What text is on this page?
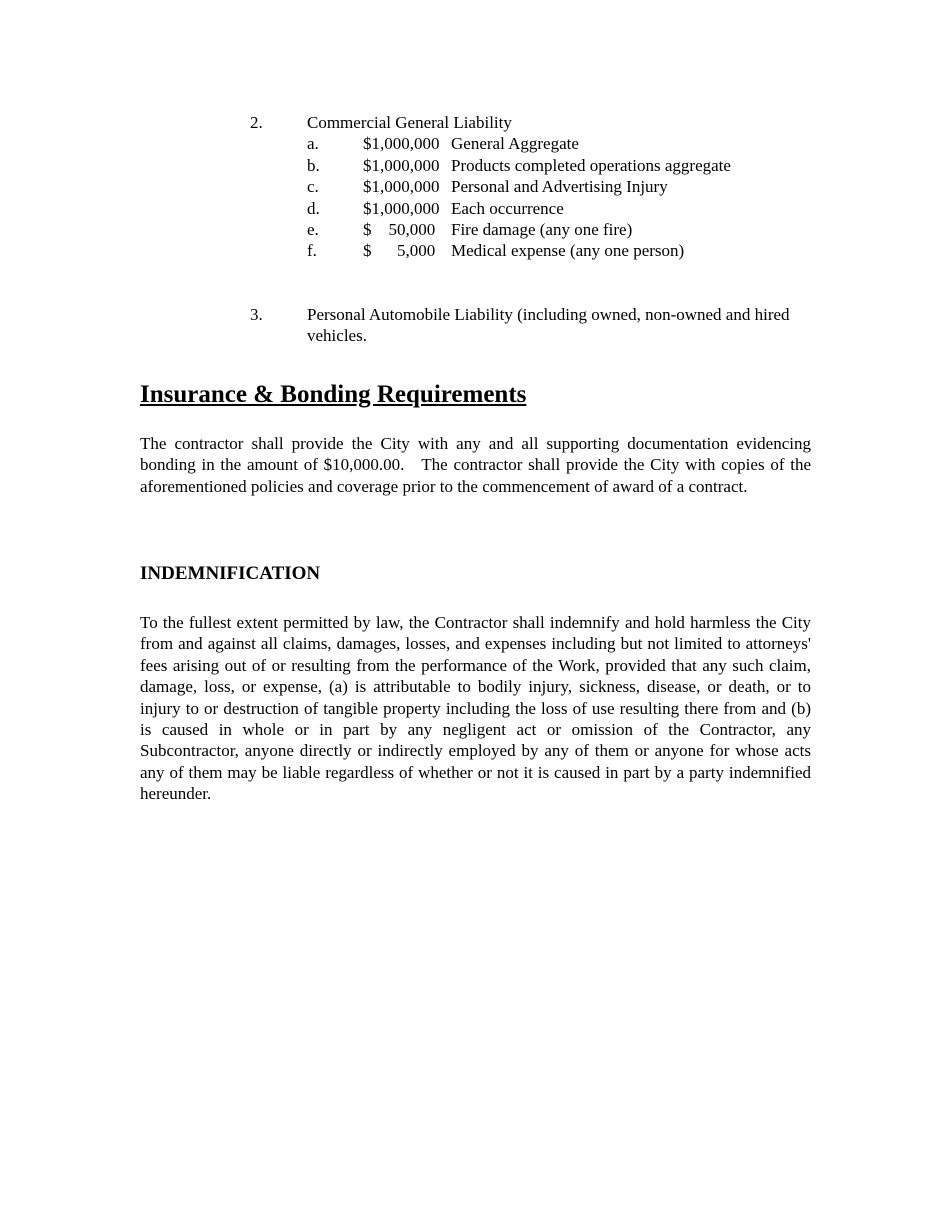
2.	Commercial General Liability
a.	$1,000,000 General Aggregate
b.	$1,000,000 Products completed operations aggregate
c.	$1,000,000 Personal and Advertising Injury
d.	$1,000,000 Each occurrence
e.	$    50,000 Fire damage (any one fire)
f.	$      5,000 Medical expense (any one person)
3.	Personal Automobile Liability (including owned, non-owned and hired vehicles.
Insurance & Bonding Requirements

The contractor shall provide the City with any and all supporting documentation evidencing bonding in the amount of $10,000.00.   The contractor shall provide the City with copies of the aforementioned policies and coverage prior to the commencement of award of a contract.

INDEMNIFICATION

To the fullest extent permitted by law, the Contractor shall indemnify and hold harmless the City from and against all claims, damages, losses, and expenses including but not limited to attorneys' fees arising out of or resulting from the performance of the Work, provided that any such claim, damage, loss, or expense, (a) is attributable to bodily injury, sickness, disease, or death, or to injury to or destruction of tangible property including the loss of use resulting there from and (b) is caused in whole or in part by any negligent act or omission of the Contractor, any Subcontractor, anyone directly or indirectly employed by any of them or anyone for whose acts any of them may be liable regardless of whether or not it is caused in part by a party indemnified hereunder.
